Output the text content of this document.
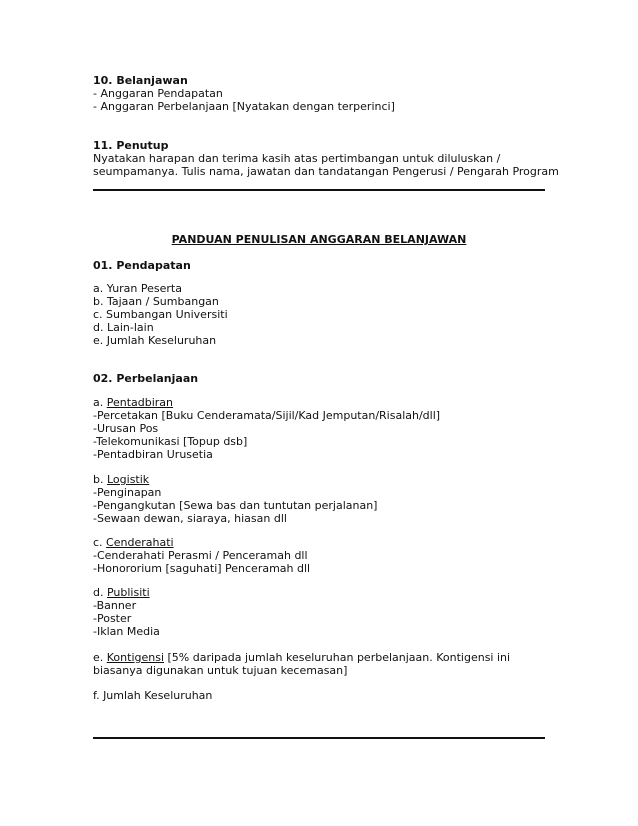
10. Belanjawan
- Anggaran Pendapatan
- Anggaran Perbelanjaan [Nyatakan dengan terperinci]
11. Penutup
Nyatakan harapan dan terima kasih atas pertimbangan untuk diluluskan /
seumpamanya. Tulis nama, jawatan dan tandatangan Pengerusi / Pengarah Program
PANDUAN PENULISAN ANGGARAN BELANJAWAN
01. Pendapatan
a. Yuran Peserta
b. Tajaan / Sumbangan
c. Sumbangan Universiti
d. Lain-lain
e. Jumlah Keseluruhan
02. Perbelanjaan
a. Pentadbiran
-Percetakan [Buku Cenderamata/Sijil/Kad Jemputan/Risalah/dll]
-Urusan Pos
-Telekomunikasi [Topup dsb]
-Pentadbiran Urusetia
b. Logistik
-Penginapan
-Pengangkutan [Sewa bas dan tuntutan perjalanan]
-Sewaan dewan, siaraya, hiasan dll
c. Cenderahati
-Cenderahati Perasmi / Penceramah dll
-Honororium [saguhati] Penceramah dll
d. Publisiti
-Banner
-Poster
-Iklan Media
e. Kontigensi [5% daripada jumlah keseluruhan perbelanjaan. Kontigensi ini
biasanya digunakan untuk tujuan kecemasan]
f. Jumlah Keseluruhan
